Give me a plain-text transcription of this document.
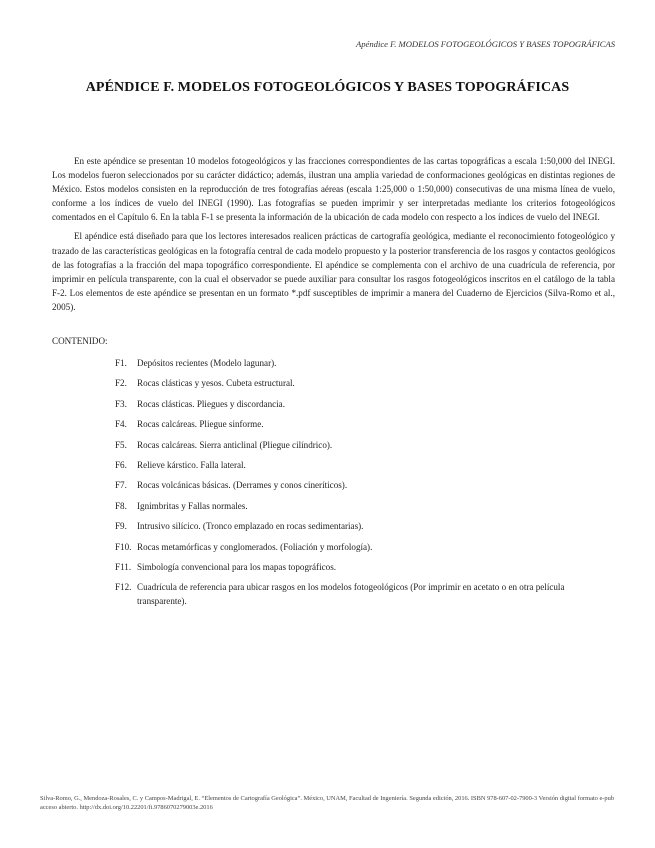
Apéndice F. MODELOS FOTOGEOLÓGICOS Y BASES TOPOGRÁFICAS
APÉNDICE F. MODELOS FOTOGEOLÓGICOS Y BASES TOPOGRÁFICAS

En este apéndice se presentan 10 modelos fotogeológicos y las fracciones correspondientes de las cartas topográficas a escala 1:50,000 del INEGI. Los modelos fueron seleccionados por su carácter didáctico; además, ilustran una amplia variedad de conformaciones geológicas en distintas regiones de México. Estos modelos consisten en la reproducción de tres fotografías aéreas (escala 1:25,000 o 1:50,000) consecutivas de una misma línea de vuelo, conforme a los índices de vuelo del INEGI (1990). Las fotografías se pueden imprimir y ser interpretadas mediante los criterios fotogeológicos comentados en el Capítulo 6. En la tabla F-1 se presenta la información de la ubicación de cada modelo con respecto a los índices de vuelo del INEGI.

El apéndice está diseñado para que los lectores interesados realicen prácticas de cartografía geológica, mediante el reconocimiento fotogeológico y trazado de las características geológicas en la fotografía central de cada modelo propuesto y la posterior transferencia de los rasgos y contactos geológicos de las fotografías a la fracción del mapa topográfico correspondiente. El apéndice se complementa con el archivo de una cuadrícula de referencia, por imprimir en película transparente, con la cual el observador se puede auxiliar para consultar los rasgos fotogeológicos inscritos en el catálogo de la tabla F-2. Los elementos de este apéndice se presentan en un formato *.pdf susceptibles de imprimir a manera del Cuaderno de Ejercicios (Silva-Romo et al., 2005).

CONTENIDO:
F1. Depósitos recientes (Modelo lagunar).
F2. Rocas clásticas y yesos. Cubeta estructural.
F3. Rocas clásticas. Pliegues y discordancia.
F4. Rocas calcáreas. Pliegue sinforme.
F5. Rocas calcáreas. Sierra anticlinal (Pliegue cilíndrico).
F6. Relieve kárstico. Falla lateral.
F7. Rocas volcánicas básicas. (Derrames y conos cineríticos).
F8. Ignimbritas y Fallas normales.
F9. Intrusivo silícico. (Tronco emplazado en rocas sedimentarias).
F10. Rocas metamórficas y conglomerados. (Foliación y morfología).
F11. Simbología convencional para los mapas topográficos.
F12. Cuadrícula de referencia para ubicar rasgos en los modelos fotogeológicos (Por imprimir en acetato o en otra película transparente).
Silva-Romo, G., Mendoza-Rosales, C. y Campos-Madrigal, E. “Elementos de Cartografía Geológica”. México, UNAM, Facultad de Ingeniería. Segunda edición, 2016. ISBN 978-607-02-7900-3 Versión digital formato e-pub acceso abierto. http://dx.doi.org/10.22201/fi.9786070279003e.2016
